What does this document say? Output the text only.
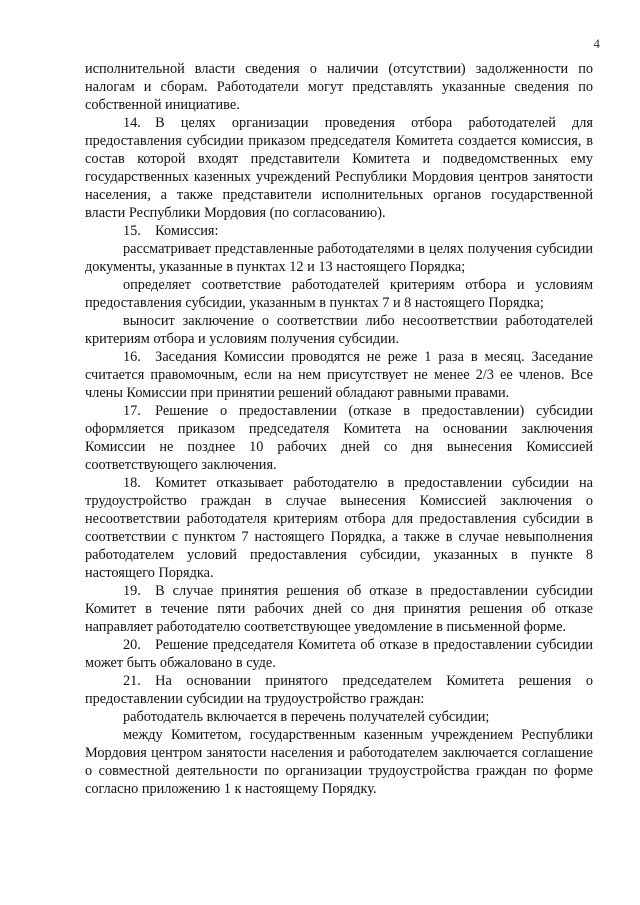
4

исполнительной власти сведения о наличии (отсутствии) задолженности по налогам и сборам. Работодатели могут представлять указанные сведения по собственной инициативе.

14. В целях организации проведения отбора работодателей для предоставления субсидии приказом председателя Комитета создается комиссия, в состав которой входят представители Комитета и подведомственных ему государственных казенных учреждений Республики Мордовия центров занятости населения, а также представители исполнительных органов государственной власти Республики Мордовия (по согласованию).

15. Комиссия:

рассматривает представленные работодателями в целях получения субсидии документы, указанные в пунктах 12 и 13 настоящего Порядка;

определяет соответствие работодателей критериям отбора и условиям предоставления субсидии, указанным в пунктах 7 и 8 настоящего Порядка;

выносит заключение о соответствии либо несоответствии работодателей критериям отбора и условиям получения субсидии.

16. Заседания Комиссии проводятся не реже 1 раза в месяц. Заседание считается правомочным, если на нем присутствует не менее 2/3 ее членов. Все члены Комиссии при принятии решений обладают равными правами.

17. Решение о предоставлении (отказе в предоставлении) субсидии оформляется приказом председателя Комитета на основании заключения Комиссии не позднее 10 рабочих дней со дня вынесения Комиссией соответствующего заключения.

18. Комитет отказывает работодателю в предоставлении субсидии на трудоустройство граждан в случае вынесения Комиссией заключения о несоответствии работодателя критериям отбора для предоставления субсидии в соответствии с пунктом 7 настоящего Порядка, а также в случае невыполнения работодателем условий предоставления субсидии, указанных в пункте 8 настоящего Порядка.

19. В случае принятия решения об отказе в предоставлении субсидии Комитет в течение пяти рабочих дней со дня принятия решения об отказе направляет работодателю соответствующее уведомление в письменной форме.

20. Решение председателя Комитета об отказе в предоставлении субсидии может быть обжаловано в суде.

21. На основании принятого председателем Комитета решения о предоставлении субсидии на трудоустройство граждан:

работодатель включается в перечень получателей субсидии;

между Комитетом, государственным казенным учреждением Республики Мордовия центром занятости населения и работодателем заключается соглашение о совместной деятельности по организации трудоустройства граждан по форме согласно приложению 1 к настоящему Порядку.
